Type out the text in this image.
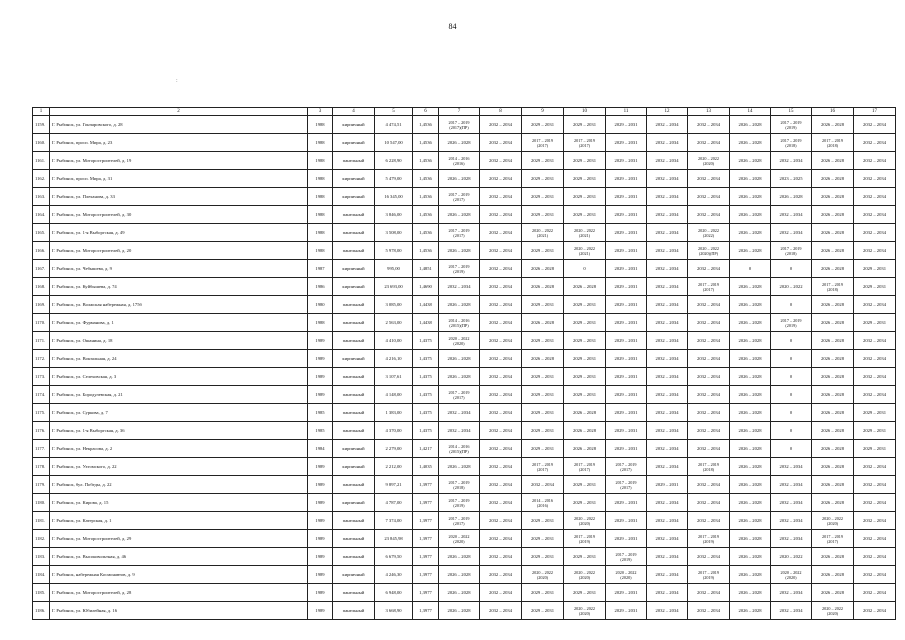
84
:
1	2	3	4	5	6	7	8	9	10	11	12	13	14	15	16	17
1159.	Г. Рыбинск, ул. Гончаровского, д. 28	1988	кирпичный	4 474,51	1,4536	2017 – 2019
(2017)(ПР)	2032 – 2034	2029 – 2031	2029 – 2031	2029 – 2031	2032 – 2034	2032 – 2034	2026 – 2028	2017 – 2019
(2019)	2026 – 2028	2032 – 2034
1160.	Г. Рыбинск, просп. Мира, д. 23	1988	кирпичный	10 547,00	1,4536	2026 – 2028	2032 – 2034	2017 – 2019
(2017)	2017 – 2019
(2017)	2029 – 2031	2032 – 2034	2032 – 2034	2026 – 2028	2017 – 2019
(2018)	2017 – 2019
(2018)	2032 – 2034
1161.	Г. Рыбинск, ул. Моторостроителей, д. 19	1988	панельный	6 228,90	1,4536	2014 – 2016
(2016)	2032 – 2034	2029 – 2031	2029 – 2031	2029 – 2031	2032 – 2034	2020 – 2022
(2020)	2026 – 2028	2032 – 2034	2026 – 2028	2032 – 2034
1162.	Г. Рыбинск, просп. Мира, д. 31	1988	кирпичный	5 479,00	1,4536	2026 – 2028	2032 – 2034	2029 – 2031	2029 – 2031	2029 – 2031	2032 – 2034	2032 – 2034	2026 – 2028	2023 – 2025	2026 – 2028	2032 – 2034
1163.	Г. Рыбинск, ул. Плеханова, д. 33	1988	кирпичный	16 345,00	1,4536	2017 – 2019
(2017)	2032 – 2034	2029 – 2031	2029 – 2031	2029 – 2031	2032 – 2034	2032 – 2034	2026 – 2028	2026 – 2028	2026 – 2028	2032 – 2034
1164.	Г. Рыбинск, ул. Моторостроителей, д. 30	1988	панельный	3 846,00	1,4536	2026 – 2028	2032 – 2034	2029 – 2031	2029 – 2031	2029 – 2031	2032 – 2034	2032 – 2034	2026 – 2028	2032 – 2034	2026 – 2028	2032 – 2034
1165.	Г. Рыбинск, ул. 1-я Выборгская, д. 49	1988	панельный	3 508,00	1,4536	2017 – 2019
(2017)	2032 – 2034	2020 – 2022
(2021)	2020 – 2022
(2021)	2029 – 2031	2032 – 2034	2020 – 2022
(2022)	2026 – 2028	2032 – 2034	2026 – 2028	2032 – 2034
1166.	Г. Рыбинск, ул. Моторостроителей, д. 20	1988	панельный	5 978,00	1,4536	2026 – 2028	2032 – 2034	2029 – 2031	2020 – 2022
(2021)	2029 – 2031	2032 – 2034	2020 – 2022
(2020)(ПР)	2026 – 2028	2017 – 2019
(2018)	2026 – 2028	2032 – 2034
1167.	Г. Рыбинск, ул. Чебышева, д. 9	1987	кирпичный	995,00	1,4851	2017 – 2019
(2019)	2032 – 2034	2026 – 2028	0	2029 – 2031	2032 – 2034	2032 – 2034	0	0	2026 – 2028	2029 – 2031
1168.	Г. Рыбинск, ул. Куйбышева, д. 74	1986	кирпичный	23 693,00	1,4690	2032 – 2034	2032 – 2034	2026 – 2028	2026 – 2028	2029 – 2031	2032 – 2034	2017 – 2019
(2017)	2026 – 2028	2020 – 2022	2017 – 2019
(2018)	2029 – 2031
1169.	Г. Рыбинск, ул. Волжская набережная, д. 175б	1980	панельный	3 085,00	1,4438	2026 – 2028	2032 – 2034	2029 – 2031	2029 – 2031	2029 – 2031	2032 – 2034	2032 – 2034	2026 – 2028	0	2026 – 2028	2032 – 2034
1170.	Г. Рыбинск, ул. Фурманова, д. 1	1988	панельный	2 563,00	1,4438	2014 – 2016
(2015)(ПР)	2032 – 2034	2026 – 2028	2029 – 2031	2029 – 2031	2032 – 2034	2032 – 2034	2026 – 2028	2017 – 2019
(2019)	2026 – 2028	2029 – 2031
1171.	Г. Рыбинск, ул. Ошанина, д. 18	1989	панельный	4 410,00	1,4375	2020 – 2022
(2020)	2032 – 2034	2029 – 2031	2029 – 2031	2029 – 2031	2032 – 2034	2032 – 2034	2026 – 2028	0	2026 – 2028	2032 – 2034
1172.	Г. Рыбинск, ул. Вокзальная, д. 24	1989	кирпичный	4 216,10	1,4375	2026 – 2028	2032 – 2034	2026 – 2028	2029 – 2031	2029 – 2031	2032 – 2034	2032 – 2034	2026 – 2028	0	2026 – 2028	2032 – 2034
1173.	Г. Рыбинск, ул. Селеховская, д. 3	1989	панельный	3 107,61	1,4375	2026 – 2028	2032 – 2034	2029 – 2031	2029 – 2031	2029 – 2031	2032 – 2034	2032 – 2034	2026 – 2028	0	2026 – 2028	2032 – 2034
1174.	Г. Рыбинск, ул. Бородулевская, д. 21	1989	панельный	4 148,00	1,4375	2017 – 2019
(2017)	2032 – 2034	2029 – 2031	2029 – 2031	2029 – 2031	2032 – 2034	2032 – 2034	2026 – 2028	0	2026 – 2028	2032 – 2034
1175.	Г. Рыбинск, ул. Суркова, д. 7	1985	панельный	1 383,00	1,4375	2032 – 2034	2032 – 2034	2029 – 2031	2026 – 2028	2029 – 2031	2032 – 2034	2032 – 2034	2026 – 2028	0	2026 – 2028	2029 – 2031
1176.	Г. Рыбинск, ул. 1-я Выборгская, д. 36	1985	панельный	4 370,00	1,4375	2032 – 2034	2032 – 2034	2029 – 2031	2026 – 2028	2029 – 2031	2032 – 2034	2032 – 2034	2026 – 2028	0	2026 – 2028	2029 – 2031
1177.	Г. Рыбинск, ул. Некрасова, д. 2	1984	кирпичный	2 279,00	1,4217	2014 – 2016
(2015)(ПР)	2032 – 2034	2029 – 2031	2026 – 2028	2029 – 2031	2032 – 2034	2032 – 2034	2026 – 2028	0	2026 – 2028	2029 – 2031
1178.	Г. Рыбинск, ул. Ухтомского, д. 22	1989	кирпичный	2 212,00	1,4035	2026 – 2028	2032 – 2034	2017 – 2019
(2017)	2017 – 2019
(2017)	2017 – 2019
(2017)	2032 – 2034	2017 – 2019
(2018)	2026 – 2028	2032 – 2034	2026 – 2028	2032 – 2034
1179.	Г. Рыбинск, бул. Победы, д. 22	1989	панельный	9 897,21	1,3977	2017 – 2019
(2018)	2032 – 2034	2032 – 2034	2029 – 2031	2017 – 2019
(2017)	2029 – 2031	2032 – 2034	2026 – 2028	2032 – 2034	2026 – 2028	2032 – 2034
1180.	Г. Рыбинск, ул. Кирова, д. 15	1989	кирпичный	4 787,00	1,3977	2017 – 2019
(2019)	2032 – 2034	2014 – 2016
(2016)	2029 – 2031	2029 – 2031	2032 – 2034	2032 – 2034	2026 – 2028	2032 – 2034	2026 – 2028	2032 – 2034
1181.	Г. Рыбинск, ул. Катерская, д. 1	1989	панельный	7 374,00	1,3977	2017 – 2019
(2017)	2032 – 2034	2029 – 2031	2020 – 2022
(2020)	2029 – 2031	2032 – 2034	2032 – 2034	2026 – 2028	2032 – 2034	2020 – 2022
(2020)	2032 – 2034
1182.	Г. Рыбинск, ул. Моторостроителей, д. 29	1989	панельный	23 845,98	1,3977	2020 – 2022
(2020)	2032 – 2034	2029 – 2031	2017 – 2019
(2019)	2029 – 2031	2032 – 2034	2017 – 2019
(2019)	2026 – 2028	2032 – 2034	2017 – 2019
(2017)	2032 – 2034
1183.	Г. Рыбинск, ул. Высоковольтная, д. 46	1989	панельный	6 679,50	1,3977	2026 – 2028	2032 – 2034	2029 – 2031	2029 – 2031	2017 – 2019
(2019)	2032 – 2034	2032 – 2034	2026 – 2028	2020 – 2022	2026 – 2028	2032 – 2034
1184.	Г. Рыбинск, набережная Космонавтов, д. 9	1989	кирпичный	4 246,30	1,3977	2026 – 2028	2032 – 2034	2020 – 2022
(2020)	2020 – 2022
(2020)	2020 – 2022
(2020)	2032 – 2034	2017 – 2019
(2019)	2026 – 2028	2020 – 2022
(2020)	2026 – 2028	2032 – 2034
1185.	Г. Рыбинск, ул. Моторостроителей, д. 28	1989	панельный	6 948,00	1,3977	2026 – 2028	2032 – 2034	2029 – 2031	2029 – 2031	2029 – 2031	2032 – 2034	2032 – 2034	2026 – 2028	2032 – 2034	2026 – 2028	2032 – 2034
1186.	Г. Рыбинск, ул. Юбилейная, д. 16	1989	панельный	3 668,90	1,3977	2026 – 2028	2032 – 2034	2029 – 2031	2020 – 2022
(2020)	2029 – 2031	2032 – 2034	2032 – 2034	2026 – 2028	2032 – 2034	2020 – 2022
(2020)	2032 – 2034
